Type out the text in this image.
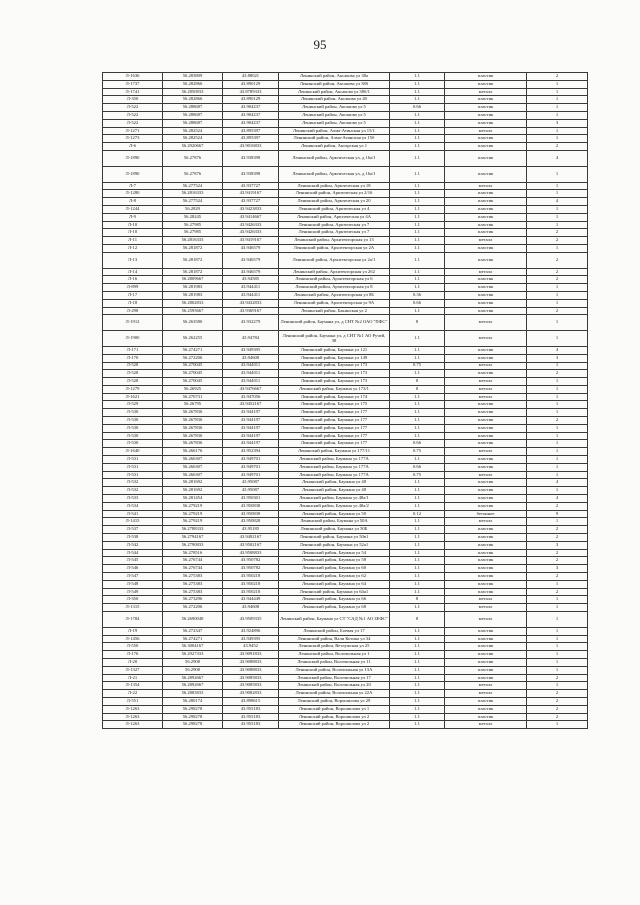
95
Л-1636	56.283809	43.88021	Ленинский район, Аксакова ул 38а	1.1	пластик	2
Л-1737	56.282866	43.890129	Ленинский район, Аксакова ул 38б	1.1	пластик	1
Л-1741	56.2850833	43.8789333	Ленинский район, Аксакова ул 38б/1	1.1	металл	1
Л-350	56.282866	43.890129	Ленинский район, Аксакова ул 40	1.1	пластик	1
Л-522	56.288687	43.904237	Ленинский район, Аксакова ул 5	0.66	пластик	1
Л-522	56.288687	43.904237	Ленинский район, Аксакова ул 5	1.1	пластик	1
Л-522	56.288687	43.904237	Ленинский район, Аксакова ул 5	1.1	пластик	3
Л-1271	56.282524	43.895397	Ленинский район, Алма-Атинская ул 15/1	1.1	металл	1
Л-1273	56.282524	43.895397	Ленинский район, Алма-Атинская ул 15б	1.1	пластик	1
Л-6	56.2920667	43.9016833	Ленинский район, Ангарская ул 1	1.1	пластик	2
Л-1890	56.27876	43.938398	Ленинский район, Арктическая ул, д 16а/1	1.1	пластик	4
Л-1890	56.27876	43.938398	Ленинский район, Арктическая ул, д 16а/1	1.1	пластик	1
Л-7	56.277524	43.937727	Ленинский район, Арктическая ул 18	1.1	металл	1
Л-1280	56.2816333	43.9419167	Ленинский район, Арктическая ул 2/16	1.1	пластик	1
Л-8	56.277524	43.937727	Ленинский район, Арктическая ул 20	1.1	пластик	4
Л-1244	56.2829	43.9423833	Ленинский район, Арктическая ул 4	1.1	пластик	1
Л-9	56.28245	43.9414667	Ленинский район, Арктическая ул 4А	1.1	пластик	1
Л-10	56.27985	43.9426333	Ленинский район, Арктическая ул 7	1.1	пластик	1
Л-10	56.27985	43.9426333	Ленинский район, Арктическая ул 7	1.1	пластик	2
Л-11	56.2816333	43.9419167	Ленинский район, Архитекторская ул 13	1.1	металл	2
Л-12	56.281872	43.946579	Ленинский район, Архитекторская ул 2А	1.1	пластик	1
Л-13	56.281872	43.946579	Ленинский район, Архитекторская ул 2а/1	1.1	пластик	2
Л-14	56.281872	43.946579	Ленинский район, Архитекторская ул 2б2	1.1	металл	2
Л-16	56.2809667	43.94585	Ленинский район, Архитекторская ул 6	1.1	пластик	2
Л-899	56.281983	43.944411	Ленинский район, Архитекторская ул 8	1.1	пластик	1
Л-17	56.281983	43.944411	Ленинский район, Архитекторская ул 8Б	0.36	пластик	1
Л-18	56.2802833	43.9432833	Ленинский район, Архитекторская ул 9А	0.66	пластик	1
Л-298	56.2595667	43.9369167	Ленинский район, Бакинская ул 2	1.1	пластик	2
Л-1912	56.263580	43.932279	Ленинский район, Баумана ул, д СНТ №2 ОАО "ПФС"	8	металл	1
Л-1900	56.262255	43.94784	Ленинский район, Баумана ул, д СНТ №1 АО Ручей, 38	1.1	металл	1
Л-171	56.274271	43.949395	Ленинский район, Баумана ул 121	1.1	пластик	4
Л-170	56.272206	43.94608	Ленинский район, Баумана ул 149	1.1	пластик	3
Л-528	56.270045	43.944011	Ленинский район, Баумана ул 173	0.75	металл	1
Л-528	56.270045	43.944011	Ленинский район, Баумана ул 173	1.1	пластик	2
Л-528	56.270045	43.944011	Ленинский район, Баумана ул 173	8	металл	1
Л-1279	56.26925	43.9476667	Ленинский район, Баумана ул 173/1	8	металл	1
Л-1621	56.270731	43.947056	Ленинский район, Баумана ул 174	1.1	металл	1
Л-529	56.26795	43.9452167	Ленинский район, Баумана ул 175	1.1	пластик	1
Л-530	56.267836	43.944197	Ленинский район, Баумана ул 177	1.1	пластик	1
Л-530	56.267836	43.944197	Ленинский район, Баумана ул 177	1.1	пластик	2
Л-530	56.267836	43.944197	Ленинский район, Баумана ул 177	1.1	пластик	1
Л-530	56.267836	43.944197	Ленинский район, Баумана ул 177	1.1	пластик	1
Л-530	56.267836	43.944197	Ленинский район, Баумана ул 177	0.66	пластик	1
Л-1640	56.266176	43.952394	Ленинский район, Баумана ул 177/11	0.75	металл	1
Л-531	56.266307	43.949701	Ленинский район, Баумана ул 177А	1.1	пластик	1
Л-531	56.266307	43.949701	Ленинский район, Баумана ул 177А	0.66	пластик	1
Л-531	56.266307	43.949701	Ленинский район, Баумана ул 177А	0.75	металл	1
Л-532	56.281692	43.95087	Ленинский район, Баумана ул 48	1.1	пластик	4
Л-532	56.281692	43.95087	Ленинский район, Баумана ул 48	1.1	пластик	1
Л-533	56.281454	43.950301	Ленинский район, Баумана ул 48а/1	1.1	пластик	4
Л-534	56.279219	43.950838	Ленинский район, Баумана ул 48а/2	1.1	пластик	2
Л-541	56.279219	43.950838	Ленинский район, Баумана ул 50	0.12	бетонное	9
Л-1415	56.279219	43.950828	Ленинский район, Баумана ул 50А	1.1	металл	1
Л-537	56.2788333	43.95185	Ленинский район, Баумана ул 50Б	1.1	пластик	2
Л-538	56.2794167	43.9492167	Ленинский район, Баумана ул 50в1	1.1	пластик	2
Л-542	56.2790833	43.9502167	Ленинский район, Баумана ул 52а1	1.1	пластик	3
Л-544	56.278516	43.9508833	Ленинский район, Баумана ул 54	1.1	пластик	2
Л-545	56.276744	43.950782	Ленинский район, Баумана ул 58	1.1	пластик	2
Л-546	56.276744	43.950782	Ленинский район, Баумана ул 60	1.1	пластик	3
Л-547	56.275383	43.950218	Ленинский район, Баумана ул 62	1.1	пластик	2
Л-548	56.275383	43.950218	Ленинский район, Баумана ул 64	1.1	пластик	1
Л-549	56.275383	43.950218	Ленинский район, Баумана ул 64а1	1.1	пластик	2
Л-350	56.273296	43.944449	Ленинский район, Баумана ул 66	8	металл	1
Л-1315	56.272206	43.94608	Ленинский район, Баумана ул 68	1.1	металл	1
Л-1784	56.2690048	43.9509335	Ленинский район, Баумана ул СТ "САД №1 АО ЗЕФС"	8	металл	1
Л-19	56.272347	43.924896	Ленинский район, Боевая ул 17	1.1	пластик	1
Л-1456	56.274271	43.949395	Ленинский район, Вали Котика ул 34	1.1	пластик	1
Л-550	56.3004167	43.9452	Ленинский район, Ветлужская ул 25	1.1	пластик	1
Л-176	56.2927333	43.9091833	Ленинский район, Волочильная ул 1	1.1	пластик	1
Л-20	56.2908	43.9088833	Ленинский район, Волочильная ул 11	1.1	пластик	1
Л-1327	56.2908	43.9088833	Ленинский район, Волочильная ул 13А	1.1	пластик	1
Л-21	56.2892667	43.9085833	Ленинский район, Волочильная ул 17	1.1	пластик	2
Л-1354	56.2892667	43.9085833	Ленинский район, Волочильная ул 20	1.1	металл	1
Л-22	56.2883833	43.9082833	Ленинский район, Волочильная ул 22А	1.1	металл	2
Л-551	56.280174	43.898615	Ленинский район, Ворошилова ул 29	1.1	пластик	2
Л-1263	56.298278	43.955183	Ленинский район, Ворошилова ул 1	1.1	пластик	2
Л-1263	56.298278	43.955183	Ленинский район, Ворошилова ул 2	1.1	пластик	2
Л-1263	56.298278	43.955183	Ленинский район, Ворошилова ул 2	1.1	металл	1
